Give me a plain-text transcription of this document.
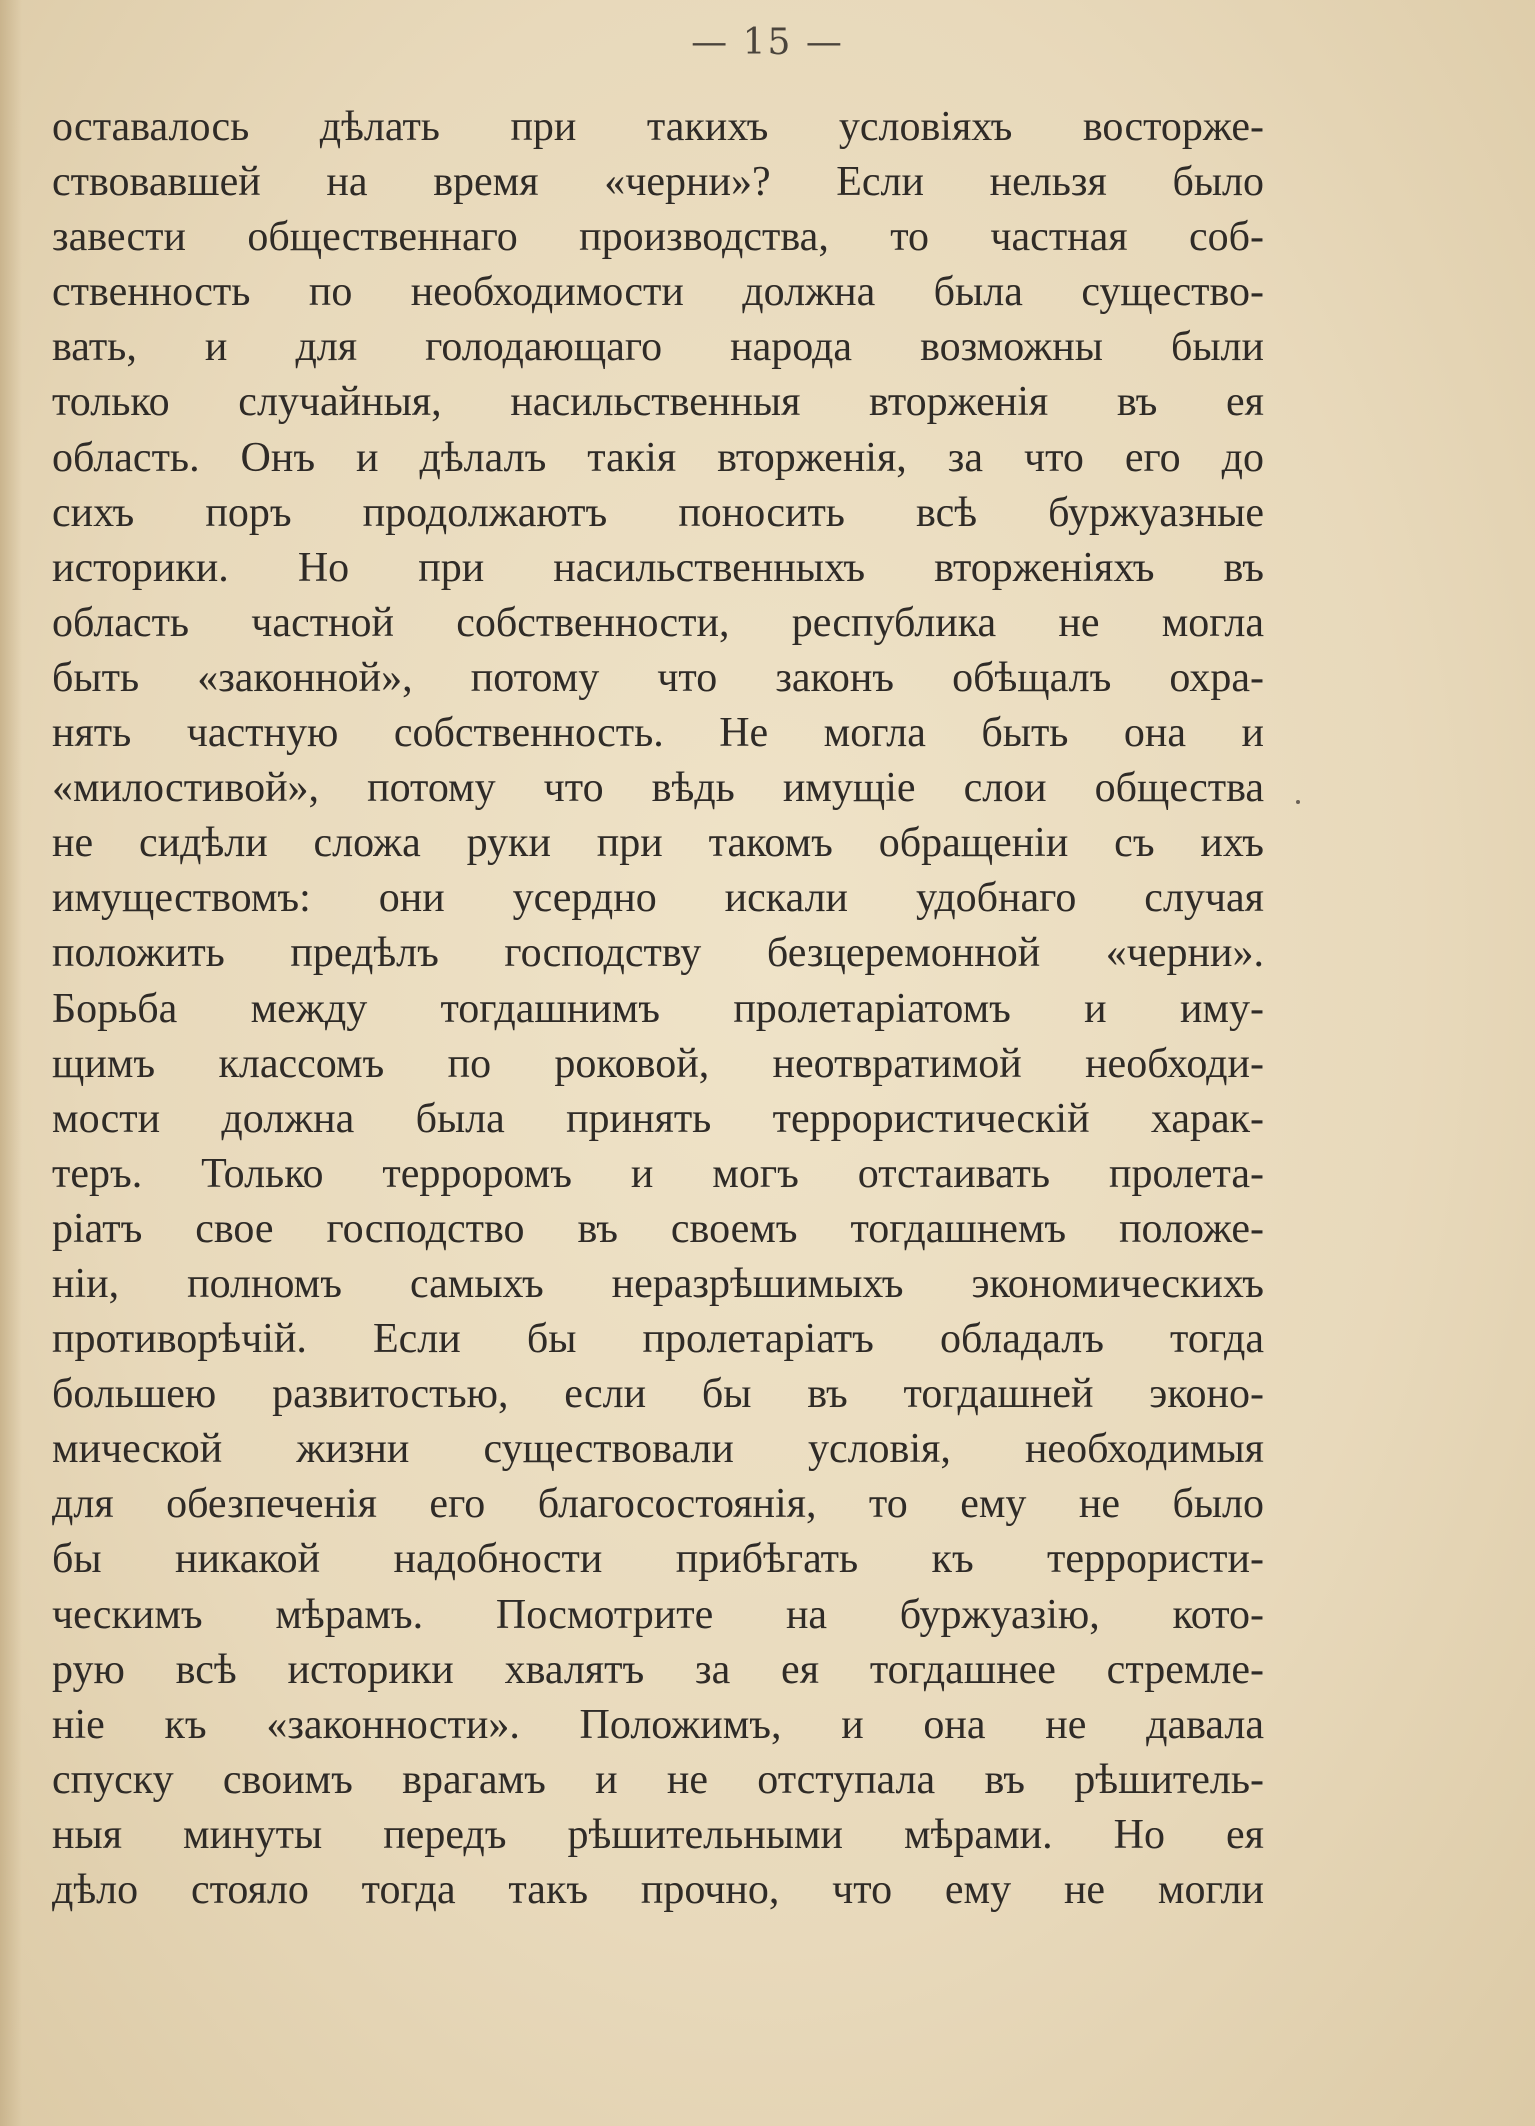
— 15 —
оставалось дѣлать при такихъ условіяхъ восторже-
ствовавшей на время «черни»? Если нельзя было
завести общественнаго производства, то частная соб-
ственность по необходимости должна была существо-
вать, и для голодающаго народа возможны были
только случайныя, насильственныя вторженія въ ея
область. Онъ и дѣлалъ такія вторженія, за что его до
сихъ поръ продолжаютъ поносить всѣ буржуазные
историки. Но при насильственныхъ вторженіяхъ въ
область частной собственности, республика не могла
быть «законной», потому что законъ обѣщалъ охра-
нять частную собственность. Не могла быть она и
«милостивой», потому что вѣдь имущіе слои общества
не сидѣли сложа руки при такомъ обращеніи съ ихъ
имуществомъ: они усердно искали удобнаго случая
положить предѣлъ господству безцеремонной «черни».
Борьба между тогдашнимъ пролетаріатомъ и иму-
щимъ классомъ по роковой, неотвратимой необходи-
мости должна была принять террористическій харак-
теръ. Только терроромъ и могъ отстаивать пролета-
ріатъ свое господство въ своемъ тогдашнемъ положе-
ніи, полномъ самыхъ неразрѣшимыхъ экономическихъ
противорѣчій. Если бы пролетаріатъ обладалъ тогда
большею развитостью, если бы въ тогдашней эконо-
мической жизни существовали условія, необходимыя
для обезпеченія его благосостоянія, то ему не было
бы никакой надобности прибѣгать къ террористи-
ческимъ мѣрамъ. Посмотрите на буржуазію, кото-
рую всѣ историки хвалятъ за ея тогдашнее стремле-
ніе къ «законности». Положимъ, и она не давала
спуску своимъ врагамъ и не отступала въ рѣшитель-
ныя минуты передъ рѣшительными мѣрами. Но ея
дѣло стояло тогда такъ прочно, что ему не могли
